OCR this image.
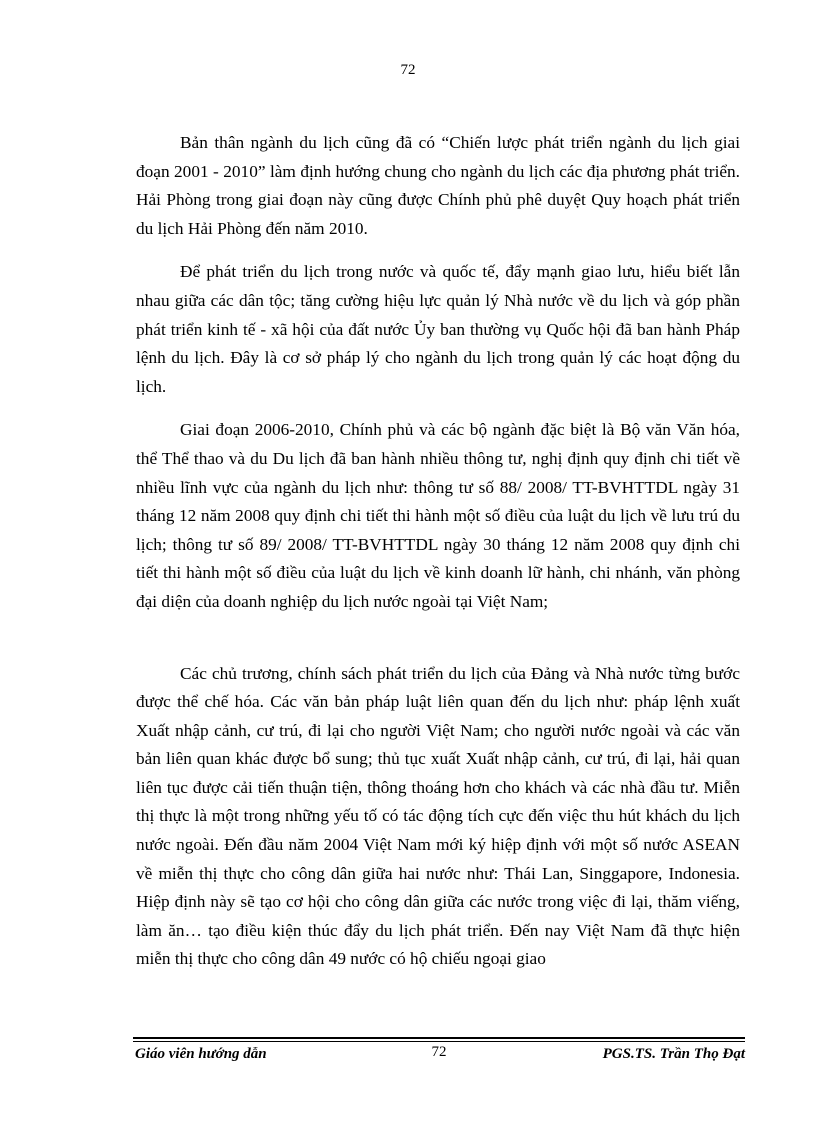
72

Bản thân ngành du lịch cũng đã có “Chiến lược phát triển ngành du lịch giai đoạn 2001 - 2010” làm định hướng chung cho ngành du lịch các địa phương phát triển. Hải Phòng trong giai đoạn này cũng được Chính phủ phê duyệt Quy hoạch phát triển du lịch Hải Phòng đến năm 2010.

Để phát triển du lịch trong nước và quốc tế, đẩy mạnh giao lưu, hiểu biết lẫn nhau giữa các dân tộc; tăng cường hiệu lực quản lý Nhà nước về du lịch và góp phần phát triển kinh tế - xã hội của đất nước Ủy ban thường vụ Quốc hội đã ban hành Pháp lệnh du lịch. Đây là cơ sở pháp lý cho ngành du lịch trong quản lý các hoạt động du lịch.

Giai đoạn 2006-2010, Chính phủ và các bộ ngành đặc biệt là Bộ văn Văn hóa, thể Thể thao và du Du lịch đã ban hành nhiều thông tư, nghị định quy định chi tiết về nhiều lĩnh vực của ngành du lịch như: thông tư số 88/ 2008/ TT-BVHTTDL ngày 31 tháng 12 năm 2008 quy định chi tiết thi hành một số điều của luật du lịch về lưu trú du lịch; thông tư số 89/ 2008/ TT-BVHTTDL ngày 30 tháng 12 năm 2008 quy định chi tiết thi hành một số điều của luật du lịch về kinh doanh lữ hành, chi nhánh, văn phòng đại diện của doanh nghiệp du lịch nước ngoài tại Việt Nam;

Các chủ trương, chính sách phát triển du lịch của Đảng và Nhà nước từng bước được thể chế hóa. Các văn bản pháp luật liên quan đến du lịch như: pháp lệnh xuất Xuất nhập cảnh, cư trú, đi lại cho người Việt Nam; cho người nước ngoài và các văn bản liên quan khác được bổ sung; thủ tục xuất Xuất nhập cảnh, cư trú, đi lại, hải quan liên tục được cải tiến thuận tiện, thông thoáng hơn cho khách và các nhà đầu tư. Miễn thị thực là một trong những yếu tố có tác động tích cực đến việc thu hút khách du lịch nước ngoài. Đến đầu năm 2004 Việt Nam mới ký hiệp định với một số nước ASEAN về miễn thị thực cho công dân giữa hai nước như: Thái Lan, Singgapore, Indonesia. Hiệp định này sẽ tạo cơ hội cho công dân giữa các nước trong việc đi lại, thăm viếng, làm ăn… tạo điều kiện thúc đẩy du lịch phát triển. Đến nay Việt Nam đã thực hiện miễn thị thực cho công dân 49 nước có hộ chiếu ngoại giao

Giáo viên hướng dẫn	72	PGS.TS. Trần Thọ Đạt
